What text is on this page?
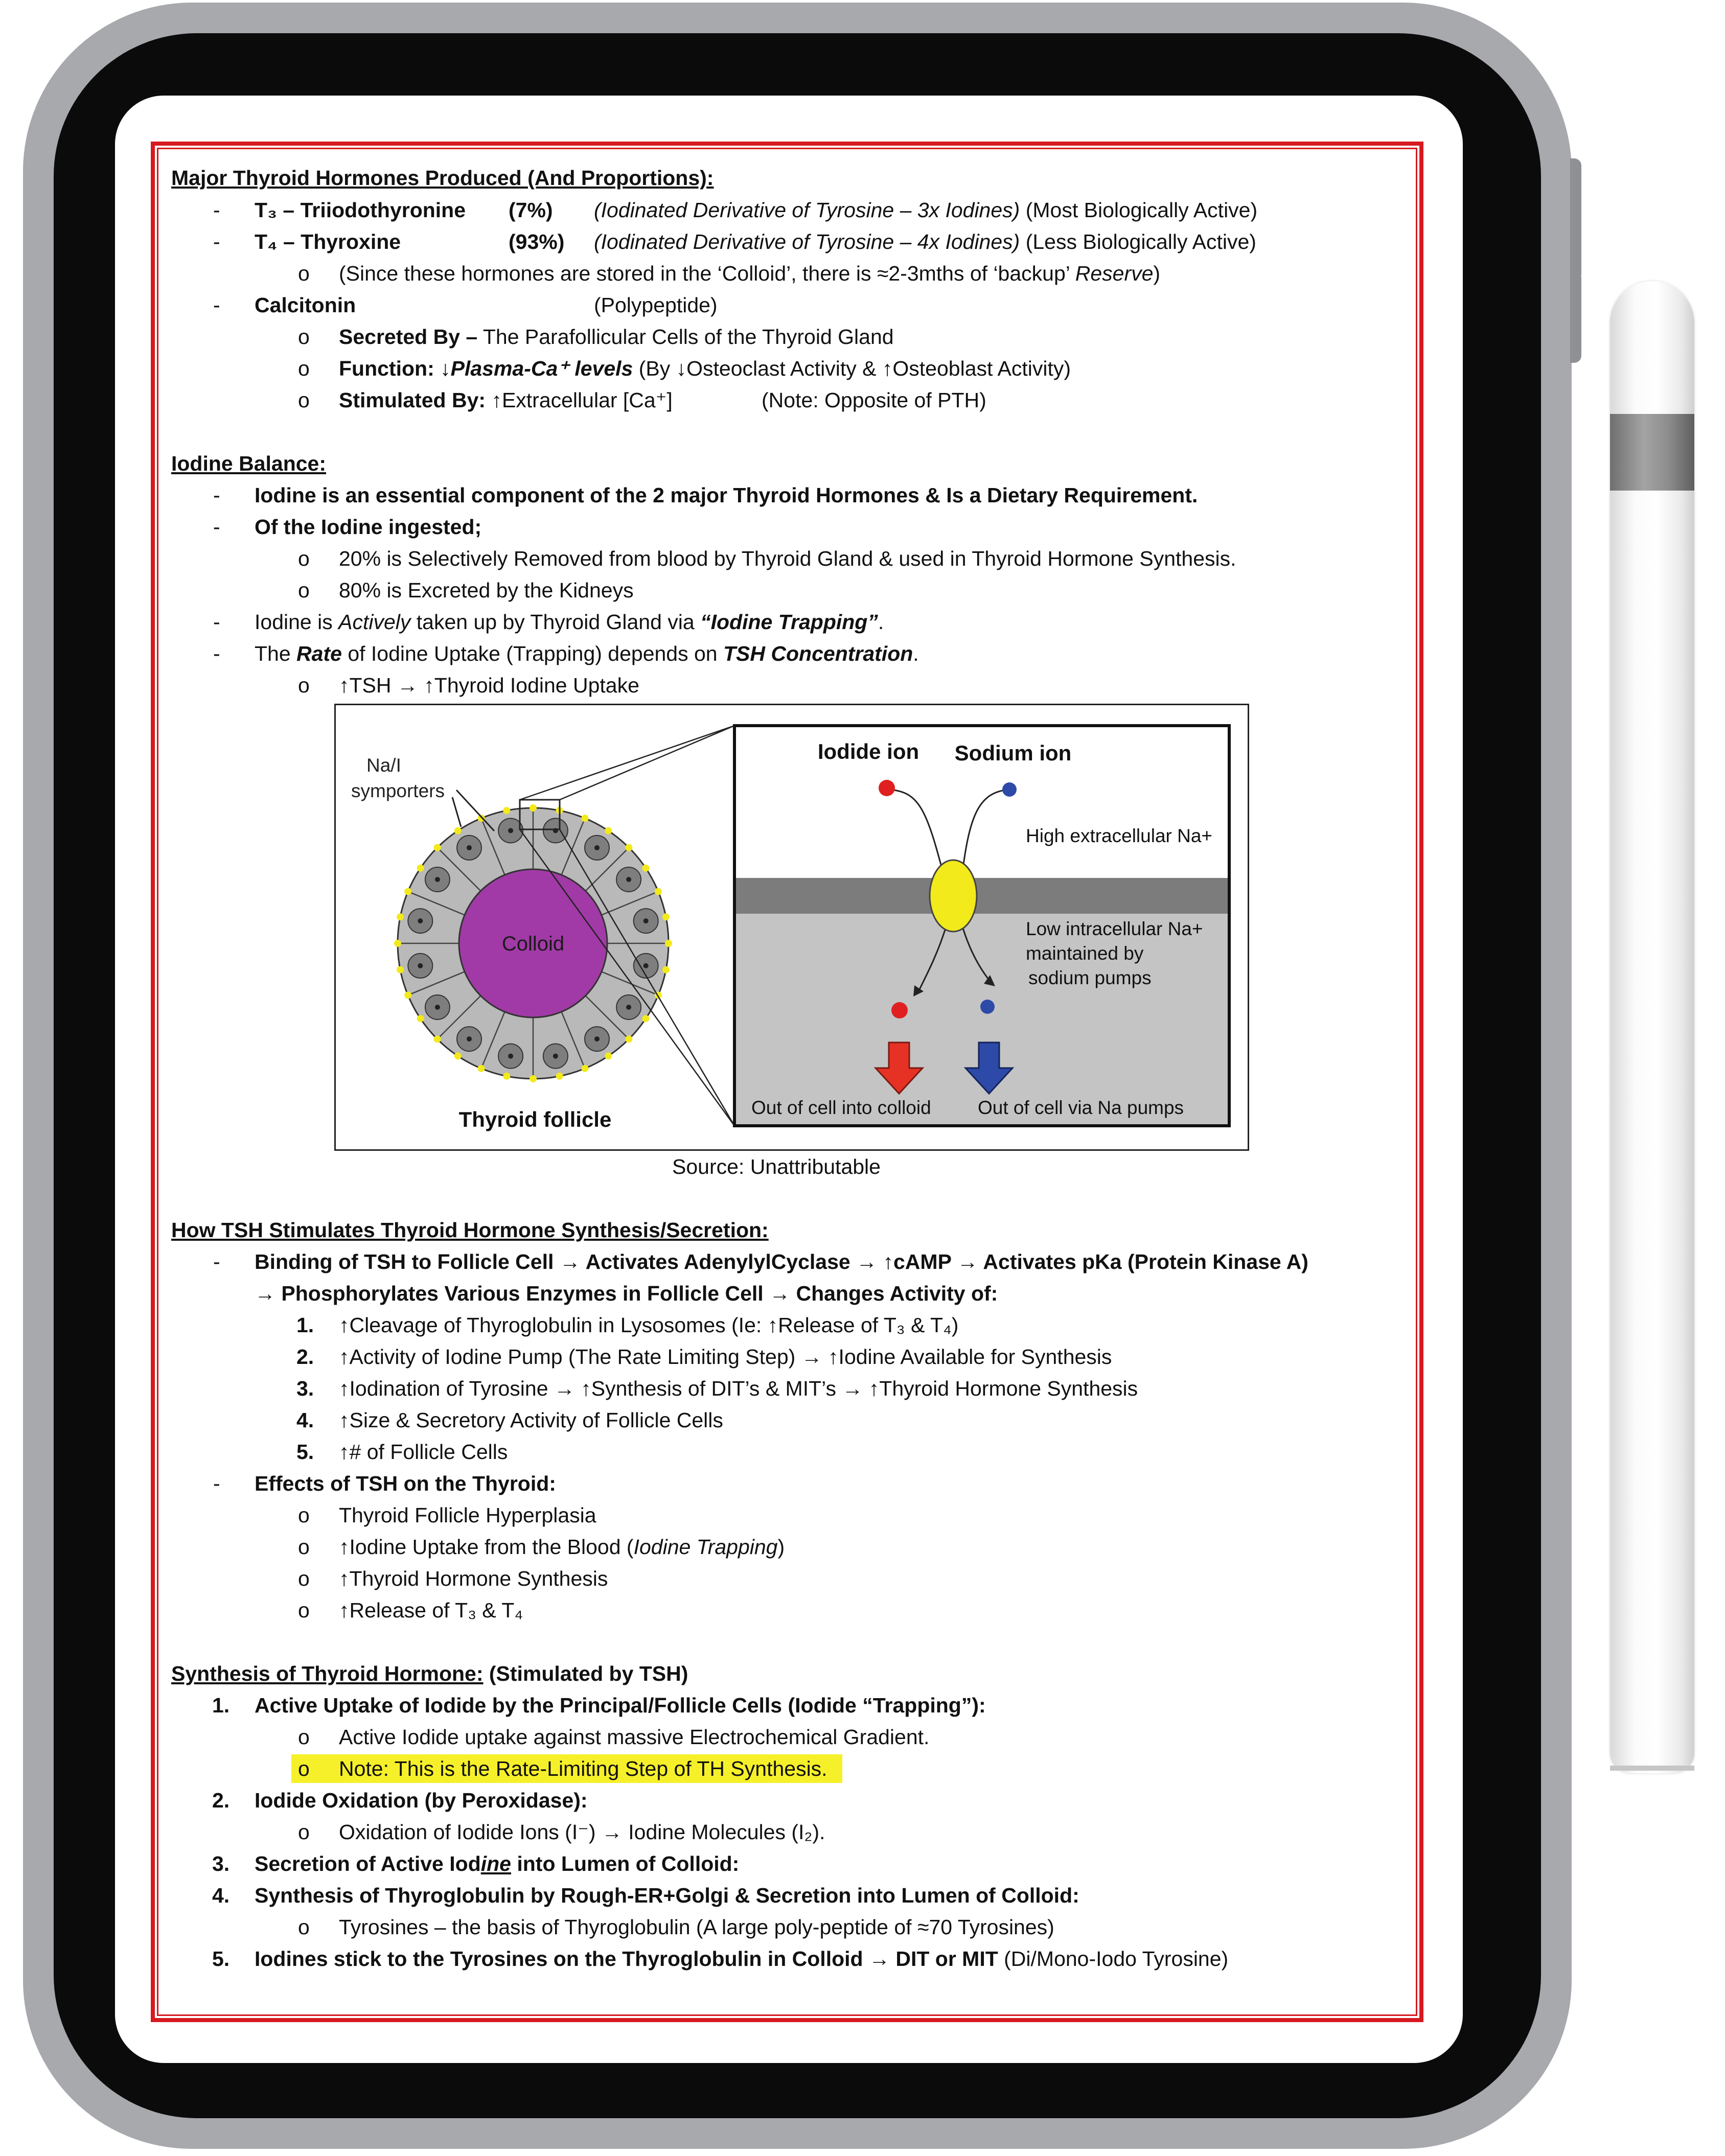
Major Thyroid Hormones Produced (And Proportions):
- T₃ – Triiodothyronine (7%) (Iodinated Derivative of Tyrosine – 3x Iodines) (Most Biologically Active)
- T₄ – Thyroxine	(93%) (Iodinated Derivative of Tyrosine – 4x Iodines) (Less Biologically Active)
o (Since these hormones are stored in the ‘Colloid’, there is ≈2-3mths of ‘backup’ Reserve)
- Calcitonin	(Polypeptide)
o Secreted By – The Parafollicular Cells of the Thyroid Gland
o Function: ↓Plasma-Ca⁺ levels (By ↓Osteoclast Activity & ↑Osteoblast Activity)
o Stimulated By: ↑Extracellular [Ca⁺]	(Note: Opposite of PTH)
Iodine Balance:
- Iodine is an essential component of the 2 major Thyroid Hormones & Is a Dietary Requirement.
- Of the Iodine ingested;
o 20% is Selectively Removed from blood by Thyroid Gland & used in Thyroid Hormone Synthesis.
o 80% is Excreted by the Kidneys
- Iodine is Actively taken up by Thyroid Gland via “Iodine Trapping”.
- The Rate of Iodine Uptake (Trapping) depends on TSH Concentration.
o ↑TSH → ↑Thyroid Iodine Uptake
Colloid
Na/I
symporters
Thyroid follicle
Iodide ion Sodium ion
High extracellular Na+
Low intracellular Na+
maintained by
sodium pumps
Out of cell into colloid Out of cell via Na pumps
Source: Unattributable
How TSH Stimulates Thyroid Hormone Synthesis/Secretion:
- Binding of TSH to Follicle Cell → Activates AdenylylCyclase → ↑cAMP → Activates pKa (Protein Kinase A)
→ Phosphorylates Various Enzymes in Follicle Cell → Changes Activity of:
1. ↑Cleavage of Thyroglobulin in Lysosomes (Ie: ↑Release of T₃ & T₄)
2. ↑Activity of Iodine Pump (The Rate Limiting Step) → ↑Iodine Available for Synthesis
3. ↑Iodination of Tyrosine → ↑Synthesis of DIT’s & MIT’s → ↑Thyroid Hormone Synthesis
4. ↑Size & Secretory Activity of Follicle Cells
5. ↑# of Follicle Cells
- Effects of TSH on the Thyroid:
o Thyroid Follicle Hyperplasia
o ↑Iodine Uptake from the Blood (Iodine Trapping)
o ↑Thyroid Hormone Synthesis
o ↑Release of T₃ & T₄
Synthesis of Thyroid Hormone: (Stimulated by TSH)
1. Active Uptake of Iodide by the Principal/Follicle Cells (Iodide “Trapping”):
o Active Iodide uptake against massive Electrochemical Gradient.
o Note: This is the Rate-Limiting Step of TH Synthesis.
2. Iodide Oxidation (by Peroxidase):
o Oxidation of Iodide Ions (I⁻) → Iodine Molecules (I₂).
3. Secretion of Active Iodine into Lumen of Colloid:
4. Synthesis of Thyroglobulin by Rough-ER+Golgi & Secretion into Lumen of Colloid:
o Tyrosines – the basis of Thyroglobulin (A large poly-peptide of ≈70 Tyrosines)
5. Iodines stick to the Tyrosines on the Thyroglobulin in Colloid → DIT or MIT (Di/Mono-Iodo Tyrosine)
